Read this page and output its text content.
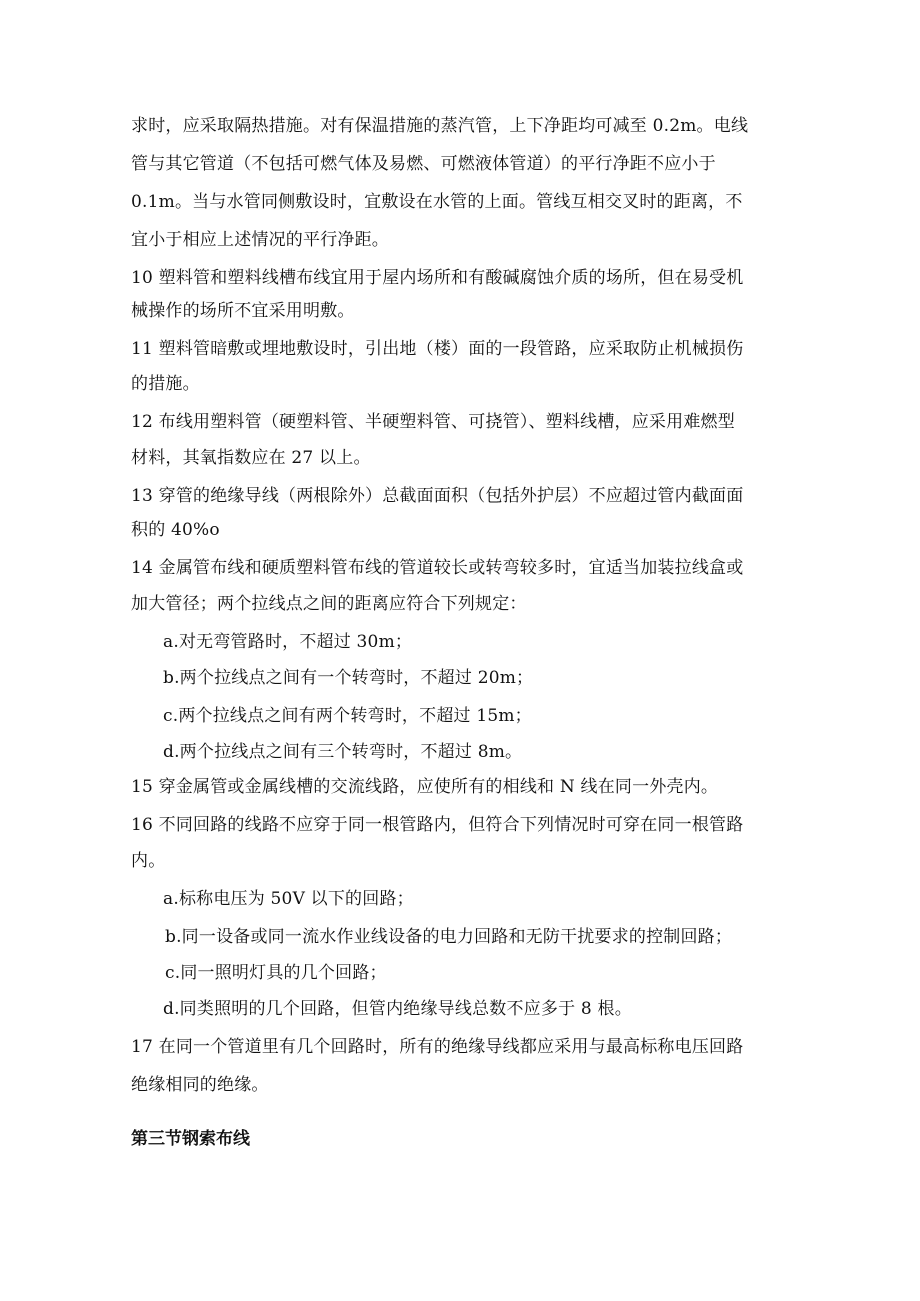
求时，应采取隔热措施。对有保温措施的蒸汽管，上下净距均可减至 0.2m。电线
管与其它管道（不包括可燃气体及易燃、可燃液体管道）的平行净距不应小于
0.1m。当与水管同侧敷设时，宜敷设在水管的上面。管线互相交叉时的距离，不
宜小于相应上述情况的平行净距。
10 塑料管和塑料线槽布线宜用于屋内场所和有酸碱腐蚀介质的场所，但在易受机
械操作的场所不宜采用明敷。
11 塑料管暗敷或埋地敷设时，引出地（楼）面的一段管路，应采取防止机械损伤
的措施。
12 布线用塑料管（硬塑料管、半硬塑料管、可挠管）、塑料线槽，应采用难燃型
材料，其氧指数应在 27 以上。
13 穿管的绝缘导线（两根除外）总截面面积（包括外护层）不应超过管内截面面
积的 40%o
14 金属管布线和硬质塑料管布线的管道较长或转弯较多时，宜适当加装拉线盒或
加大管径；两个拉线点之间的距离应符合下列规定：
a.对无弯管路时，不超过 30m；
b.两个拉线点之间有一个转弯时，不超过 20m；
c.两个拉线点之间有两个转弯时，不超过 15m；
d.两个拉线点之间有三个转弯时，不超过 8m。
15 穿金属管或金属线槽的交流线路，应使所有的相线和 N 线在同一外壳内。
16 不同回路的线路不应穿于同一根管路内，但符合下列情况时可穿在同一根管路
内。
a.标称电压为 50V 以下的回路；
b.同一设备或同一流水作业线设备的电力回路和无防干扰要求的控制回路；
c.同一照明灯具的几个回路；
d.同类照明的几个回路，但管内绝缘导线总数不应多于 8 根。
17 在同一个管道里有几个回路时，所有的绝缘导线都应采用与最高标称电压回路
绝缘相同的绝缘。
第三节钢索布线
